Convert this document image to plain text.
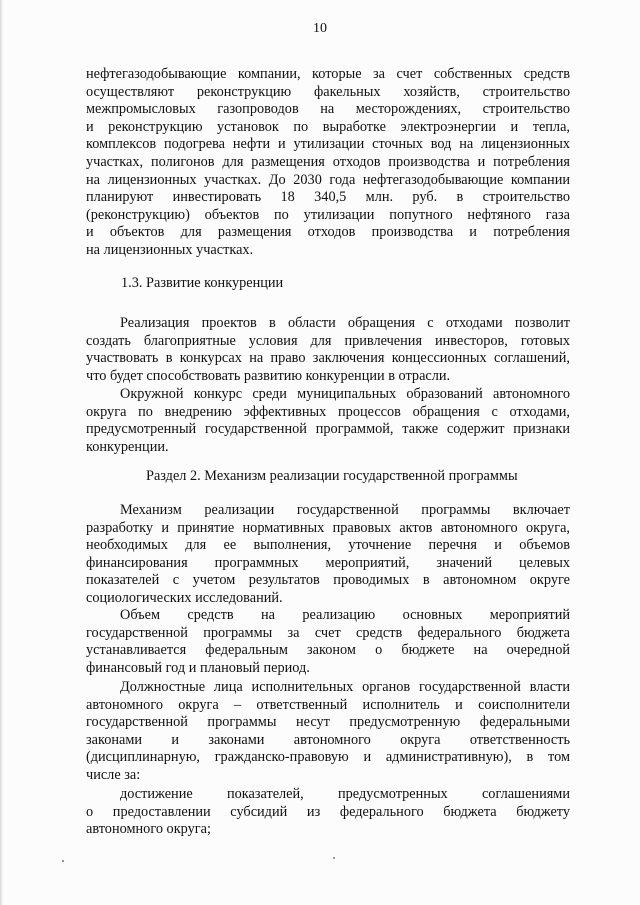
10
нефтегазодобывающие компании, которые за счет собственных средств
осуществляют реконструкцию факельных хозяйств, строительство
межпромысловых газопроводов на месторождениях, строительство
и реконструкцию установок по выработке электроэнергии и тепла,
комплексов подогрева нефти и утилизации сточных вод на лицензионных
участках, полигонов для размещения отходов производства и потребления
на лицензионных участках. До 2030 года нефтегазодобывающие компании
планируют инвестировать 18 340,5 млн. руб. в строительство
(реконструкцию) объектов по утилизации попутного нефтяного газа
и объектов для размещения отходов производства и потребления
на лицензионных участках.
1.3. Развитие конкуренции
Реализация проектов в области обращения с отходами позволит
создать благоприятные условия для привлечения инвесторов, готовых
участвовать в конкурсах на право заключения концессионных соглашений,
что будет способствовать развитию конкуренции в отрасли.
Окружной конкурс среди муниципальных образований автономного
округа по внедрению эффективных процессов обращения с отходами,
предусмотренный государственной программой, также содержит признаки
конкуренции.
Раздел 2. Механизм реализации государственной программы
Механизм реализации государственной программы включает
разработку и принятие нормативных правовых актов автономного округа,
необходимых для ее выполнения, уточнение перечня и объемов
финансирования программных мероприятий, значений целевых
показателей с учетом результатов проводимых в автономном округе
социологических исследований.
Объем средств на реализацию основных мероприятий
государственной программы за счет средств федерального бюджета
устанавливается федеральным законом о бюджете на очередной
финансовый год и плановый период.
Должностные лица исполнительных органов государственной власти
автономного округа – ответственный исполнитель и соисполнители
государственной программы несут предусмотренную федеральными
законами и законами автономного округа ответственность
(дисциплинарную, гражданско-правовую и административную), в том
числе за:
достижение показателей, предусмотренных соглашениями
о предоставлении субсидий из федерального бюджета бюджету
автономного округа;
